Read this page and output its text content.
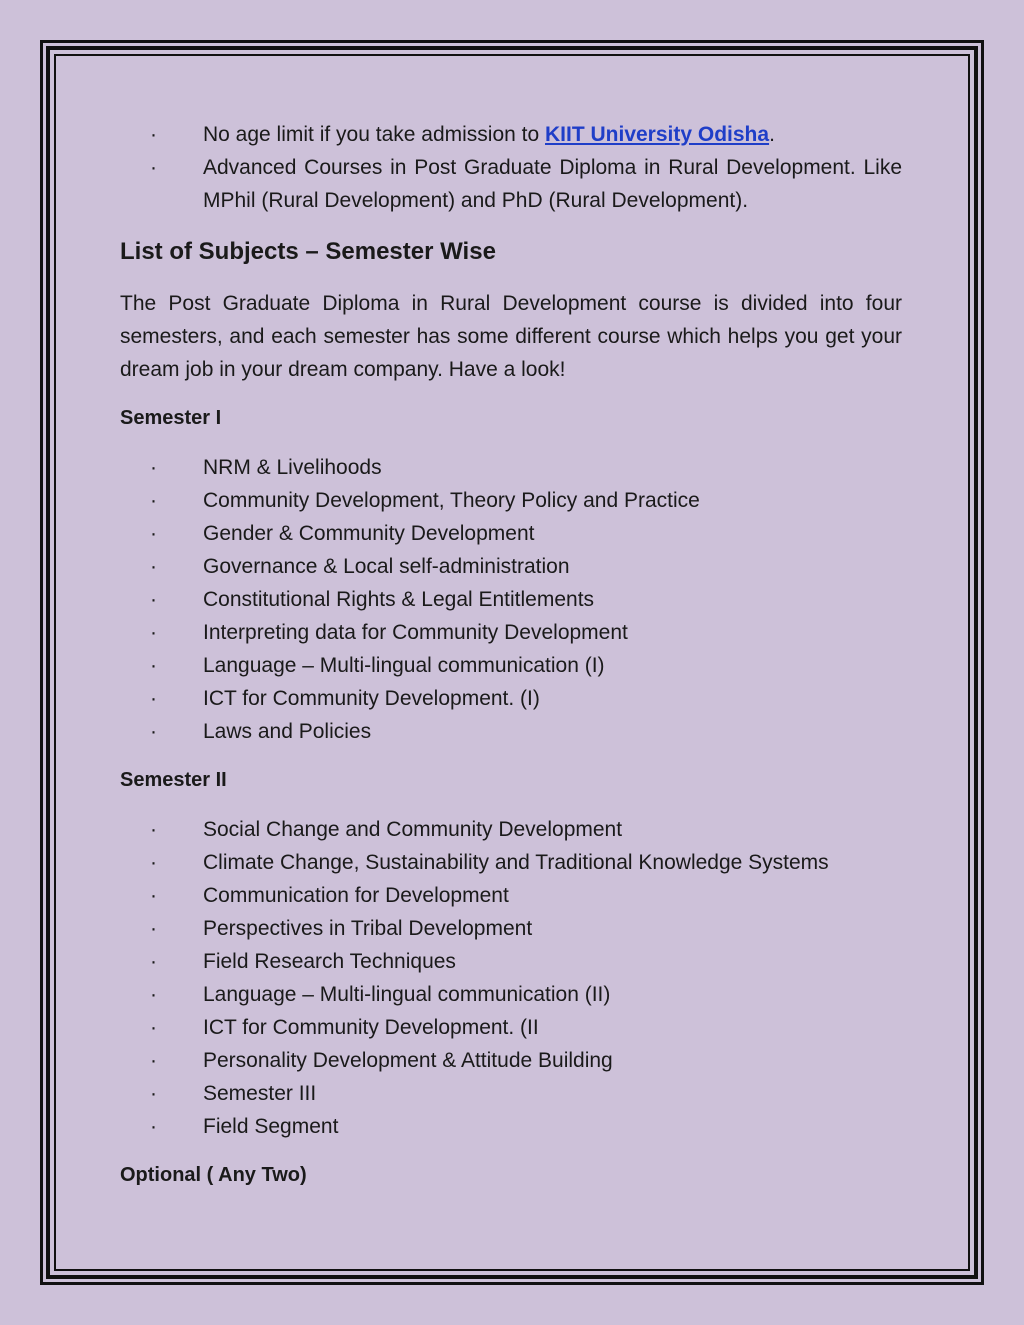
·	No age limit if you take admission to KIIT University Odisha.
·	Advanced Courses in Post Graduate Diploma in Rural Development. Like MPhil (Rural Development) and PhD (Rural Development).
List of Subjects – Semester Wise

The Post Graduate Diploma in Rural Development course is divided into four semesters, and each semester has some different course which helps you get your dream job in your dream company. Have a look!

Semester I
·	NRM & Livelihoods
·	Community Development, Theory Policy and Practice
·	Gender & Community Development
·	Governance & Local self-administration
·	Constitutional Rights & Legal Entitlements
·	Interpreting data for Community Development
·	Language – Multi-lingual communication (I)
·	ICT for Community Development. (I)
·	Laws and Policies
Semester II
·	Social Change and Community Development
·	Climate Change, Sustainability and Traditional Knowledge Systems
·	Communication for Development
·	Perspectives in Tribal Development
·	Field Research Techniques
·	Language – Multi-lingual communication (II)
·	ICT for Community Development. (II
·	Personality Development & Attitude Building
·	Semester III
·	Field Segment
Optional ( Any Two)
